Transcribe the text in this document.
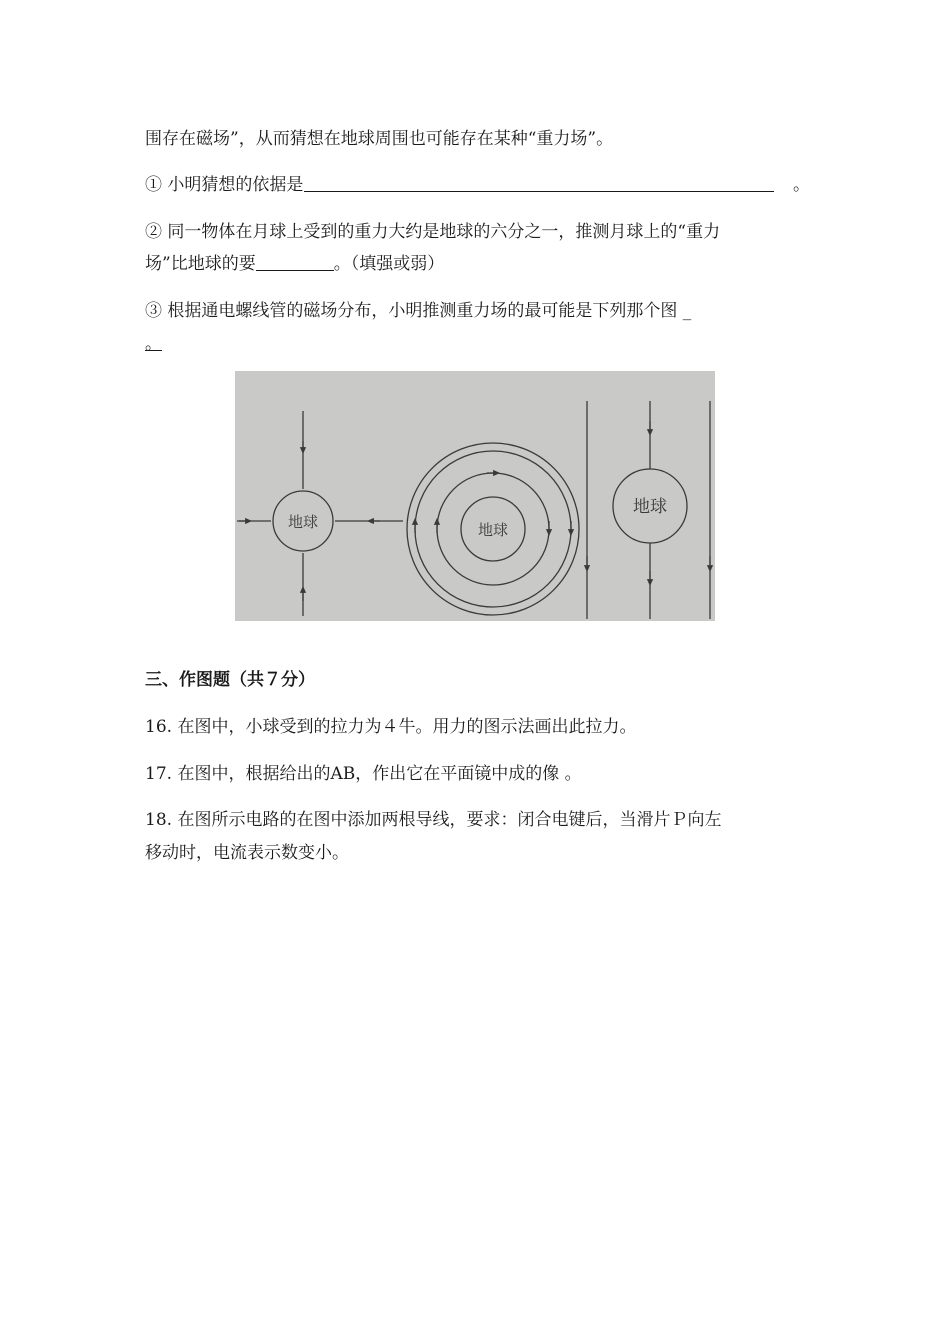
围存在磁场”，从而猜想在地球周围也可能存在某种“重力场”。
① 小明猜想的依据是	。
② 同一物体在月球上受到的重力大约是地球的六分之一，推测月球上的“重力
场”比地球的要	。（填强或弱）
③ 根据通电螺线管的磁场分布，小明推测重力场的最可能是下列那个图 _
。
地球	地球
地球
三、作图题（共７分）
16. 在图中，小球受到的拉力为４牛。用力的图示法画出此拉力。
17. 在图中，根据给出的AB，作出它在平面镜中成的像 。
18. 在图所示电路的在图中添加两根导线，要求：闭合电键后，当滑片Ｐ向左
移动时，电流表示数变小。
